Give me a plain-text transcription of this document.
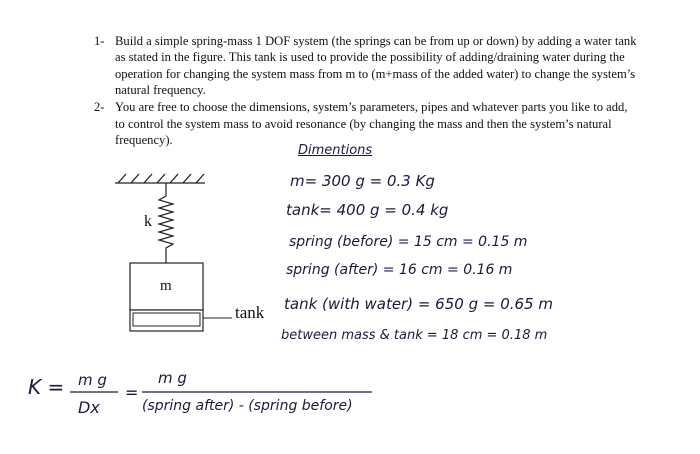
1- Build a simple spring-mass 1 DOF system (the springs can be from up or down) by adding a water tank
as stated in the figure. This tank is used to provide the possibility of adding/draining water during the
operation for changing the system mass from m to (m+mass of the added water) to change the system’s
natural frequency.
2- You are free to choose the dimensions, system’s parameters, pipes and whatever parts you like to add,
to control the system mass to avoid resonance (by changing the mass and then the system’s natural
frequency).
k
m
tank
Dimentions
m= 300 g = 0.3 Kg
tank= 400 g = 0.4 kg
spring (before) = 15 cm = 0.15 m
spring (after) = 16 cm = 0.16 m
tank (with water) = 650 g = 0.65 m
between mass & tank = 18 cm = 0.18 m
K = m g
Dx
=
m g
(spring after) - (spring before)
